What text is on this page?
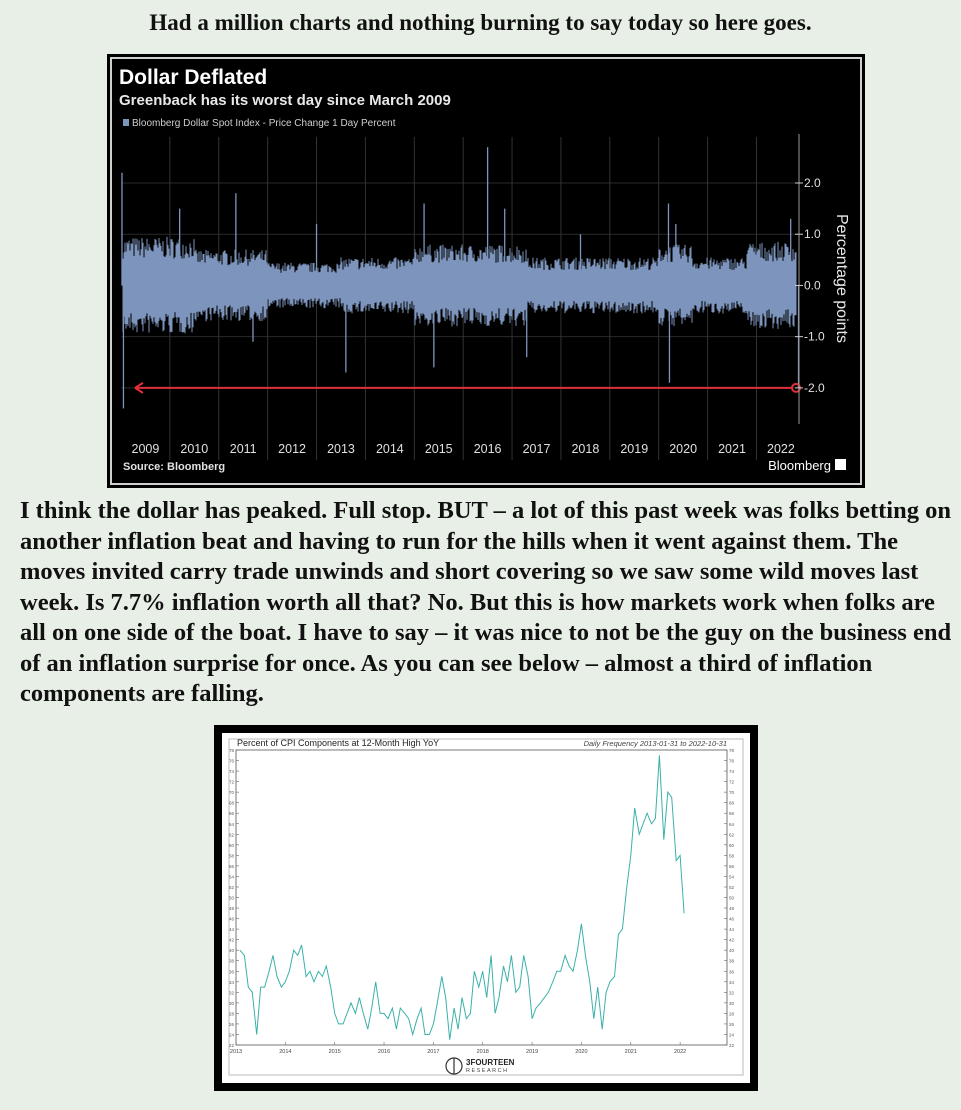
Had a million charts and nothing burning to say today so here goes.

Dollar Deflated
Greenback has its worst day since March 2009
Bloomberg Dollar Spot Index - Price Change 1 Day Percent
2.0
1.0
0.0
-1.0
-2.0
Percentage points
2009 2010 2011 2012 2013 2014 2015 2016 2017 2018 2019 2020 2021 2022
Source: Bloomberg	Bloomberg

I think the dollar has peaked. Full stop. BUT – a lot of this past week was folks betting on another inflation beat and having to run for the hills when it went against them. The moves invited carry trade unwinds and short covering so we saw some wild moves last week. Is 7.7% inflation worth all that? No. But this is how markets work when folks are all on one side of the boat. I have to say – it was nice to not be the guy on the business end of an inflation surprise for once. As you can see below – almost a third of inflation components are falling.

Percent of CPI Components at 12-Month High YoY	Daily Frequency 2013-01-31 to 2022-10-31
22	22
24	24
26	26
28	28
30	30
32	32
34	34
36	36
38	38
40	40
42	42
44	44
46	46
48	48
50	50
52	52
54	54
56	56
58	58
60	60
62	62
64	64
66	66
68	68
70	70
72	72
74	74
76	76
78	78
2013	2014	2015	2016	2017	2018	2019	2020	2021	2022
3FOURTEEN
RESEARCH
